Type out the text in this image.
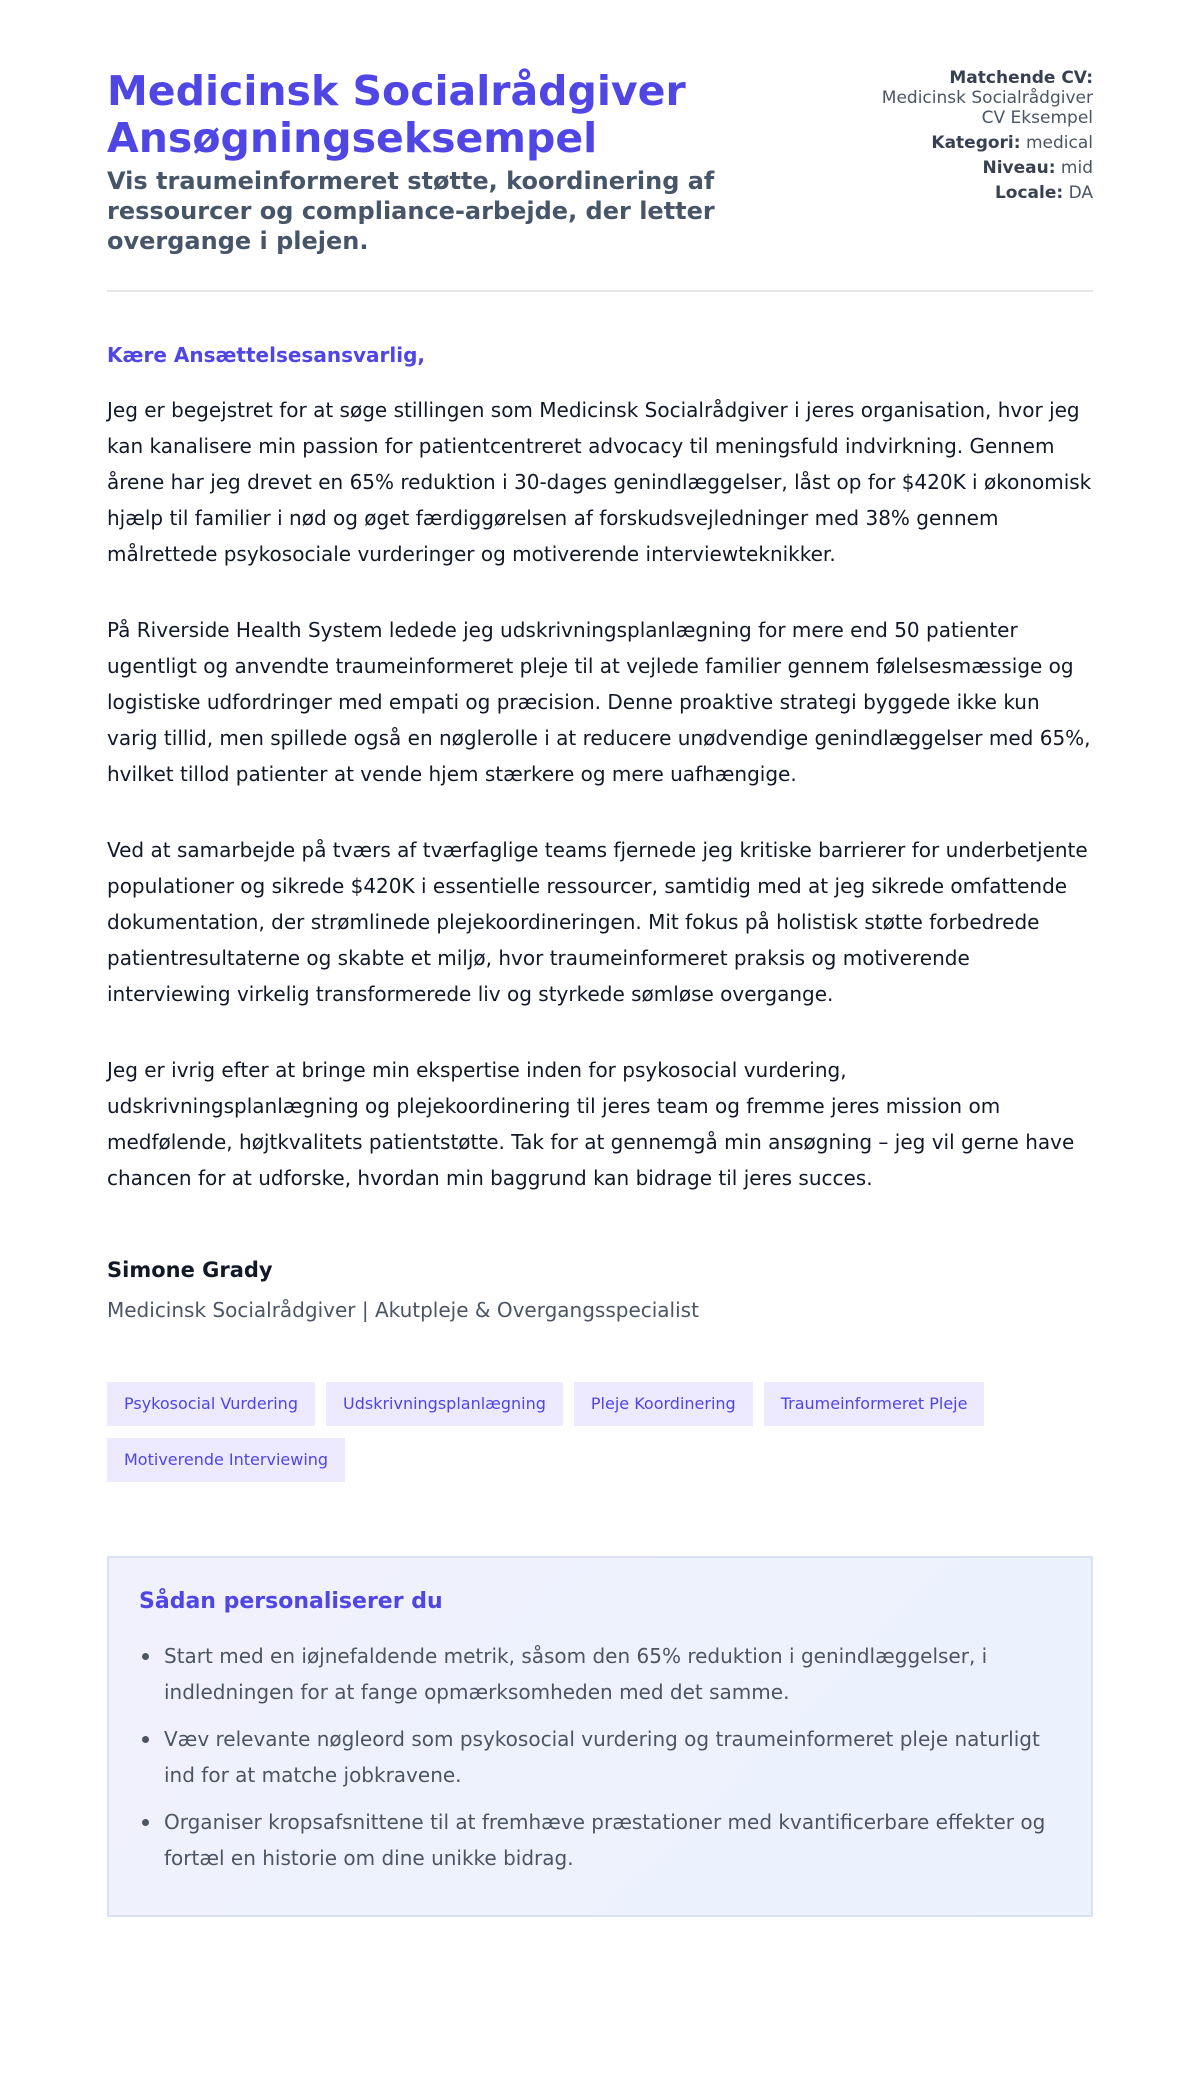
Medicinsk Socialrådgiver Ansøgningseksempel
Vis traumeinformeret støtte, koordinering af ressourcer og compliance-arbejde, der letter overgange i plejen.
Matchende CV:
Medicinsk Socialrådgiver
CV Eksempel
Kategori: medical
Niveau: mid
Locale: DA
Kære Ansættelsesansvarlig,

Jeg er begejstret for at søge stillingen som Medicinsk Socialrådgiver i jeres organisation, hvor jeg kan kanalisere min passion for patientcentreret advocacy til meningsfuld indvirkning. Gennem årene har jeg drevet en 65% reduktion i 30-dages genindlæggelser, låst op for $420K i økonomisk hjælp til familier i nød og øget færdiggørelsen af forskudsvejledninger med 38% gennem målrettede psykosociale vurderinger og motiverende interviewteknikker.

På Riverside Health System ledede jeg udskrivningsplanlægning for mere end 50 patienter ugentligt og anvendte traumeinformeret pleje til at vejlede familier gennem følelsesmæssige og logistiske udfordringer med empati og præcision. Denne proaktive strategi byggede ikke kun varig tillid, men spillede også en nøglerolle i at reducere unødvendige genindlæggelser med 65%, hvilket tillod patienter at vende hjem stærkere og mere uafhængige.

Ved at samarbejde på tværs af tværfaglige teams fjernede jeg kritiske barrierer for underbetjente populationer og sikrede $420K i essentielle ressourcer, samtidig med at jeg sikrede omfattende dokumentation, der strømlinede plejekoordineringen. Mit fokus på holistisk støtte forbedrede patientresultaterne og skabte et miljø, hvor traumeinformeret praksis og motiverende interviewing virkelig transformerede liv og styrkede sømløse overgange.

Jeg er ivrig efter at bringe min ekspertise inden for psykosocial vurdering, udskrivningsplanlægning og plejekoordinering til jeres team og fremme jeres mission om medfølende, højtkvalitets patientstøtte. Tak for at gennemgå min ansøgning – jeg vil gerne have chancen for at udforske, hvordan min baggrund kan bidrage til jeres succes.

Simone Grady
Medicinsk Socialrådgiver | Akutpleje & Overgangsspecialist
Psykosocial Vurdering	Udskrivningsplanlægning	Pleje Koordinering	Traumeinformeret Pleje
Motiverende Interviewing
Sådan personaliserer du
Start med en iøjnefaldende metrik, såsom den 65% reduktion i genindlæggelser, i indledningen for at fange opmærksomheden med det samme.
Væv relevante nøgleord som psykosocial vurdering og traumeinformeret pleje naturligt ind for at matche jobkravene.
Organiser kropsafsnittene til at fremhæve præstationer med kvantificerbare effekter og fortæl en historie om dine unikke bidrag.
